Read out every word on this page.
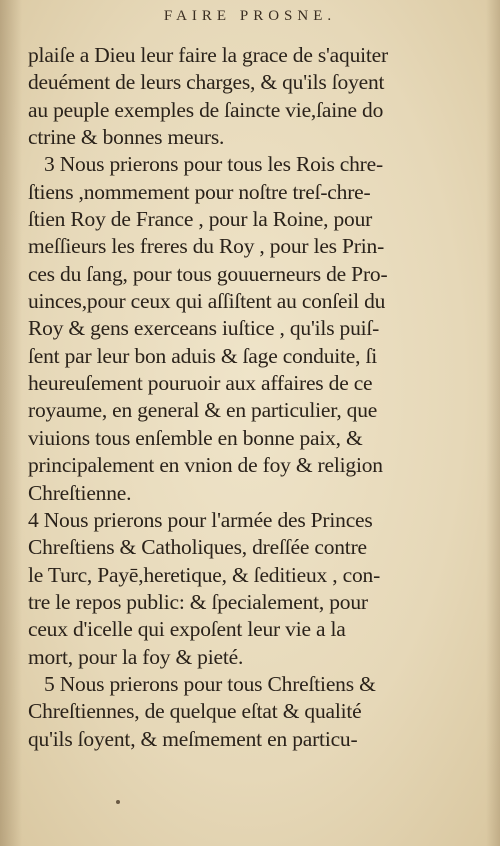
FAIRE PROSNE.
plaiſe a Dieu leur faire la grace de s'aquiter
deuément de leurs charges, & qu'ils ſoyent
au peuple exemples de ſaincte vie,ſaine do
ctrine & bonnes meurs.
3 Nous prierons pour tous les Rois chre-
ſtiens ,nommement pour noſtre treſ-chre-
ſtien Roy de France , pour la Roine, pour
meſſieurs les freres du Roy , pour les Prin-
ces du ſang, pour tous gouuerneurs de Pro-
uinces,pour ceux qui aſſiſtent au conſeil du
Roy & gens exerceans iuſtice , qu'ils puiſ-
ſent par leur bon aduis & ſage conduite, ſi
heureuſement pouruoir aux affaires de ce
royaume, en general & en particulier, que
viuions tous enſemble en bonne paix, &
principalement en vnion de foy & religion
Chreſtienne.
4 Nous prierons pour l'armée des Princes
Chreſtiens & Catholiques, dreſſée contre
le Turc, Payē,heretique, & ſeditieux , con-
tre le repos public: & ſpecialement, pour
ceux d'icelle qui expoſent leur vie a la
mort, pour la foy & pieté.
5 Nous prierons pour tous Chreſtiens &
Chreſtiennes, de quelque eſtat & qualité
qu'ils ſoyent, & meſmement en particu-
